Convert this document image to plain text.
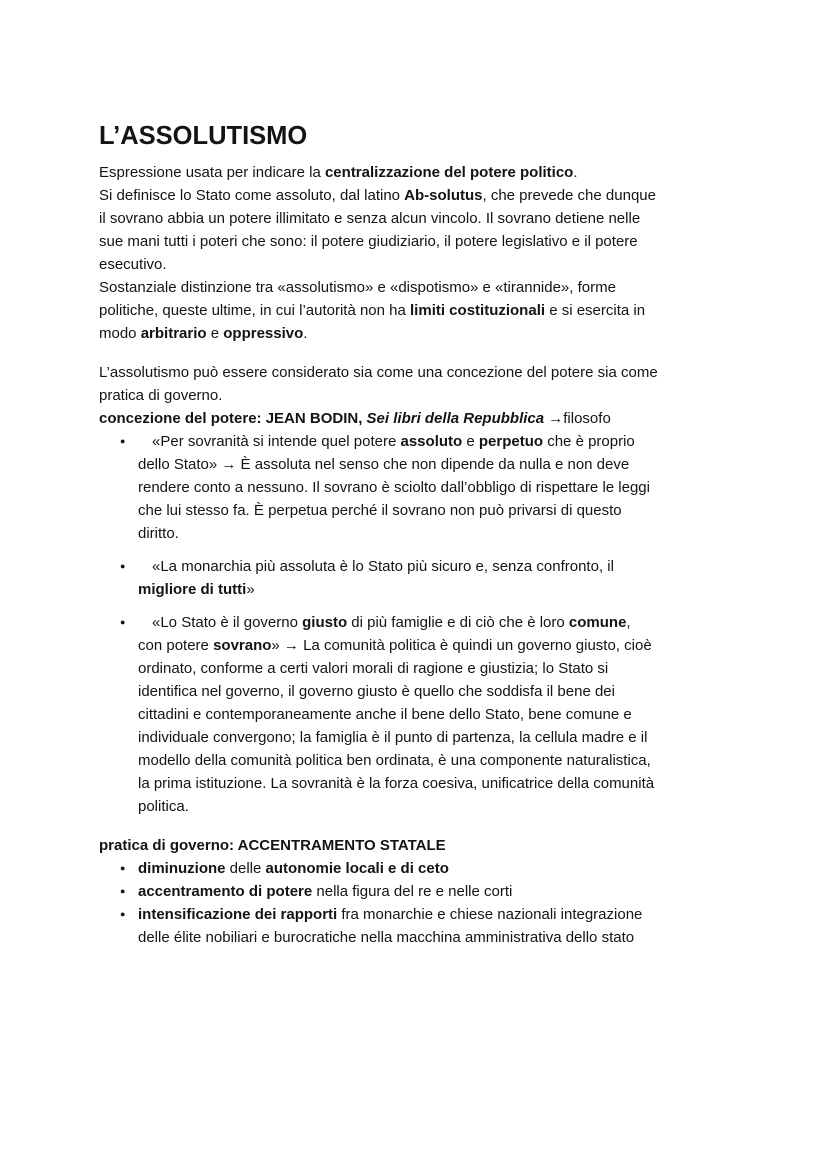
L’ASSOLUTISMO

Espressione usata per indicare la centralizzazione del potere politico.

Si definisce lo Stato come assoluto, dal latino Ab-solutus, che prevede che dunque
il sovrano abbia un potere illimitato e senza alcun vincolo. Il sovrano detiene nelle
sue mani tutti i poteri che sono: il potere giudiziario, il potere legislativo e il potere
esecutivo.

Sostanziale distinzione tra «assolutismo» e «dispotismo» e «tirannide», forme
politiche, queste ultime, in cui l’autorità non ha limiti costituzionali e si esercita in
modo arbitrario e oppressivo.

L’assolutismo può essere considerato sia come una concezione del potere sia come
pratica di governo.

concezione del potere: JEAN BODIN, Sei libri della Repubblica →filosofo

● «Per sovranità si intende quel potere assoluto e perpetuo che è proprio
dello Stato» → È assoluta nel senso che non dipende da nulla e non deve
rendere conto a nessuno. Il sovrano è sciolto dall’obbligo di rispettare le leggi
che lui stesso fa. È perpetua perché il sovrano non può privarsi di questo
diritto.
● «La monarchia più assoluta è lo Stato più sicuro e, senza confronto, il
migliore di tutti»
● «Lo Stato è il governo giusto di più famiglie e di ciò che è loro comune,
con potere sovrano» → La comunità politica è quindi un governo giusto, cioè
ordinato, conforme a certi valori morali di ragione e giustizia; lo Stato si
identifica nel governo, il governo giusto è quello che soddisfa il bene dei
cittadini e contemporaneamente anche il bene dello Stato, bene comune e
individuale convergono; la famiglia è il punto di partenza, la cellula madre e il
modello della comunità politica ben ordinata, è una componente naturalistica,
la prima istituzione. La sovranità è la forza coesiva, unificatrice della comunità
politica.

pratica di governo: ACCENTRAMENTO STATALE

● diminuzione delle autonomie locali e di ceto
● accentramento di potere nella figura del re e nelle corti
● intensificazione dei rapporti fra monarchie e chiese nazionali integrazione
delle élite nobiliari e burocratiche nella macchina amministrativa dello stato
